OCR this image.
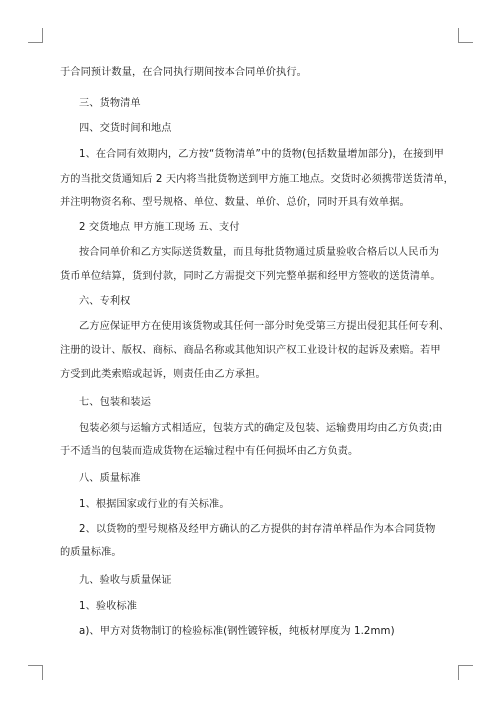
于合同预计数量，在合同执行期间按本合同单价执行。
三、货物清单
四、交货时间和地点
1、在合同有效期内，乙方按“货物清单”中的货物(包括数量增加部分)，在接到甲
方的当批交货通知后 2 天内将当批货物送到甲方施工地点。交货时必须携带送货清单，
并注明物资名称、型号规格、单位、数量、单价、总价，同时开具有效单据。
2 交货地点 甲方施工现场 五、支付
按合同单价和乙方实际送货数量，而且每批货物通过质量验收合格后以人民币为
货币单位结算，货到付款，同时乙方需提交下列完整单据和经甲方签收的送货清单。
六、专利权
乙方应保证甲方在使用该货物或其任何一部分时免受第三方提出侵犯其任何专利、
注册的设计、版权、商标、商品名称或其他知识产权工业设计权的起诉及索赔。若甲
方受到此类索赔或起诉，则责任由乙方承担。
七、包装和装运
包装必须与运输方式相适应，包装方式的确定及包装、运输费用均由乙方负责;由
于不适当的包装而造成货物在运输过程中有任何损坏由乙方负责。
八、质量标准
1、根据国家或行业的有关标准。
2、以货物的型号规格及经甲方确认的乙方提供的封存清单样品作为本合同货物
的质量标准。
九、验收与质量保证
1、验收标准
a)、甲方对货物制订的检验标准(钢性镀锌板，纯板材厚度为 1.2mm)
